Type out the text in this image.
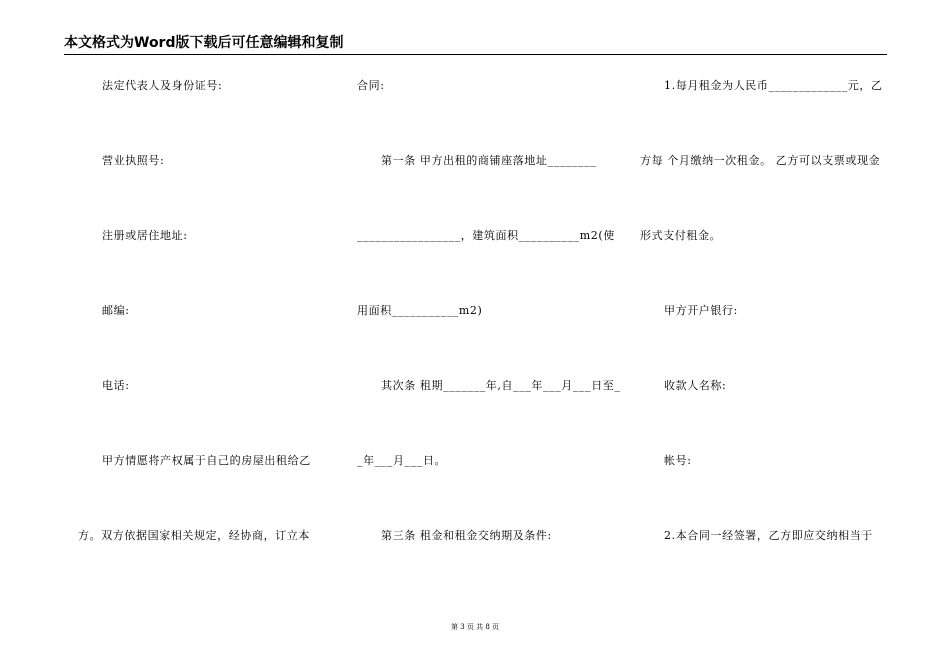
本文格式为Word版下载后可任意编辑和复制
法定代表人及身份证号:
营业执照号:
注册或居住地址:
邮编:
电话:
甲方情愿将产权属于自己的房屋出租给乙
方。双方依据国家相关规定，经协商，订立本
合同:
第一条 甲方出租的商铺座落地址________
_________________，建筑面积__________m2(使
用面积___________m2)
其次条 租期_______年,自___年___月___日至_
_年___月___日。
第三条 租金和租金交纳期及条件:
1.每月租金为人民币_____________元，乙
方每 个月缴纳一次租金。 乙方可以支票或现金
形式支付租金。
甲方开户银行:
收款人名称:
帐号:
2.本合同一经签署，乙方即应交纳相当于
第 3 页 共 8 页
